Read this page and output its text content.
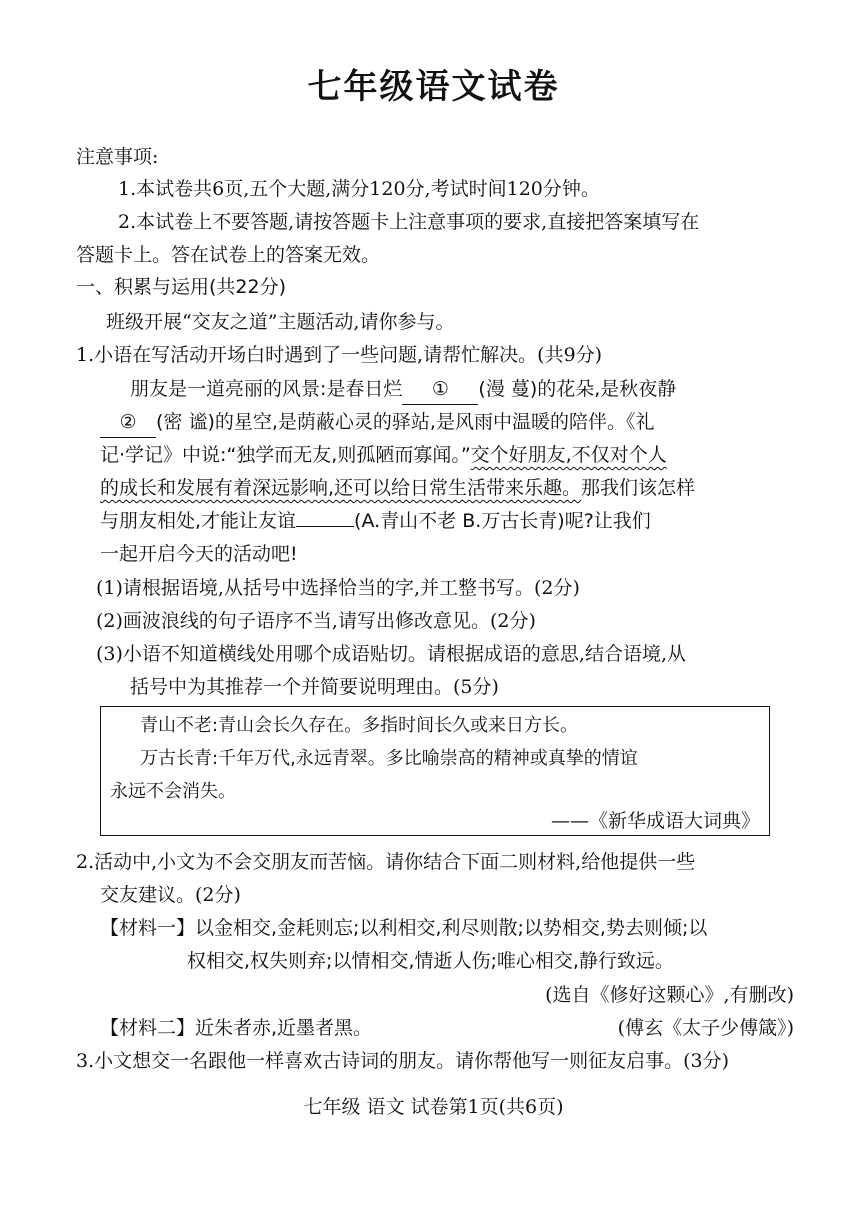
七年级语文试卷
注意事项:
1.本试卷共6页,五个大题,满分120分,考试时间120分钟。
2.本试卷上不要答题,请按答题卡上注意事项的要求,直接把答案填写在
答题卡上。答在试卷上的答案无效。
一、积累与运用(共22分)
班级开展“交友之道”主题活动,请你参与。
1.小语在写活动开场白时遇到了一些问题,请帮忙解决。(共9分)
朋友是一道亮丽的风景:是春日烂 ① (漫 蔓)的花朵,是秋夜静
② (密 谧)的星空,是荫蔽心灵的驿站,是风雨中温暖的陪伴。《礼
记·学记》中说:“独学而无友,则孤陋而寡闻。”交个好朋友,不仅对个人
的成长和发展有着深远影响,还可以给日常生活带来乐趣。那我们该怎样
与朋友相处,才能让友谊	(A.青山不老 B.万古长青)呢?让我们
一起开启今天的活动吧!
(1)请根据语境,从括号中选择恰当的字,并工整书写。(2分)
(2)画波浪线的句子语序不当,请写出修改意见。(2分)
(3)小语不知道横线处用哪个成语贴切。请根据成语的意思,结合语境,从
括号中为其推荐一个并简要说明理由。(5分)
青山不老:青山会长久存在。多指时间长久或来日方长。
万古长青:千年万代,永远青翠。多比喻崇高的精神或真挚的情谊
永远不会消失。
——《新华成语大词典》
2.活动中,小文为不会交朋友而苦恼。请你结合下面二则材料,给他提供一些
交友建议。(2分)
【材料一】以金相交,金耗则忘;以利相交,利尽则散;以势相交,势去则倾;以
权相交,权失则弃;以情相交,情逝人伤;唯心相交,静行致远。
(选自《修好这颗心》,有删改)
【材料二】近朱者赤,近墨者黑。	(傅玄《太子少傅箴》)
3.小文想交一名跟他一样喜欢古诗词的朋友。请你帮他写一则征友启事。(3分)
七年级 语文 试卷第1页(共6页)
